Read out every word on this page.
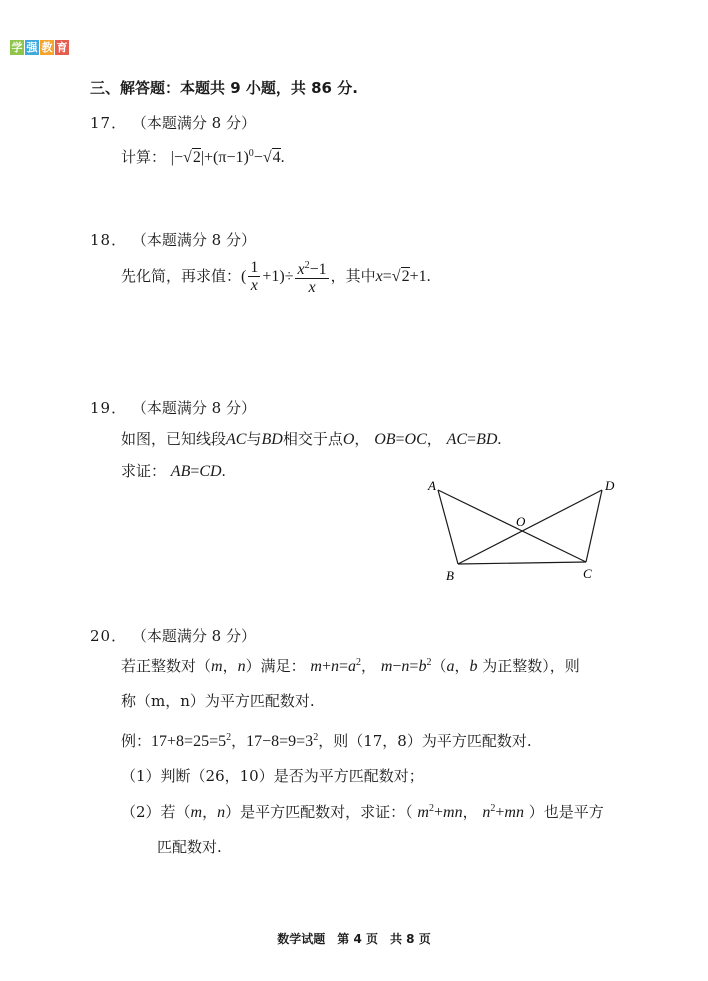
学 强 教 育
三、解答题：本题共 9 小题，共 86 分.
17． （本题满分 8 分）
计算： $|-√2|+(\pi-1)^0-√4$.
18． （本题满分 8 分）
先化简，再求值：( $\frac{1}{x} +1)\div \frac{x^2-1}{x}$ ，其中x=√2+1.
19． （本题满分 8 分）
如图，已知线段AC与BD相交于点O， OB=OC， AC=BD.
求证： AB=CD.
A	D
O
B	C
20． （本题满分 8 分）
若正整数对（m，n）满足： $m+n=a^2$， $m-n=b^2(a$，b 为正整数），则
称（m，n）为平方匹配数对.
例：$17+8=25=5^2$，$17-8=9=3^2$，则（17，8）为平方匹配数对.
（1）判断（26，10）是否为平方匹配数对；
（2）若（m，n）是平方匹配数对，求证：（ $m^2+mn$， $n^2+mn$ ）也是平方
匹配数对.
数学试题　第 4 页　共 8 页
